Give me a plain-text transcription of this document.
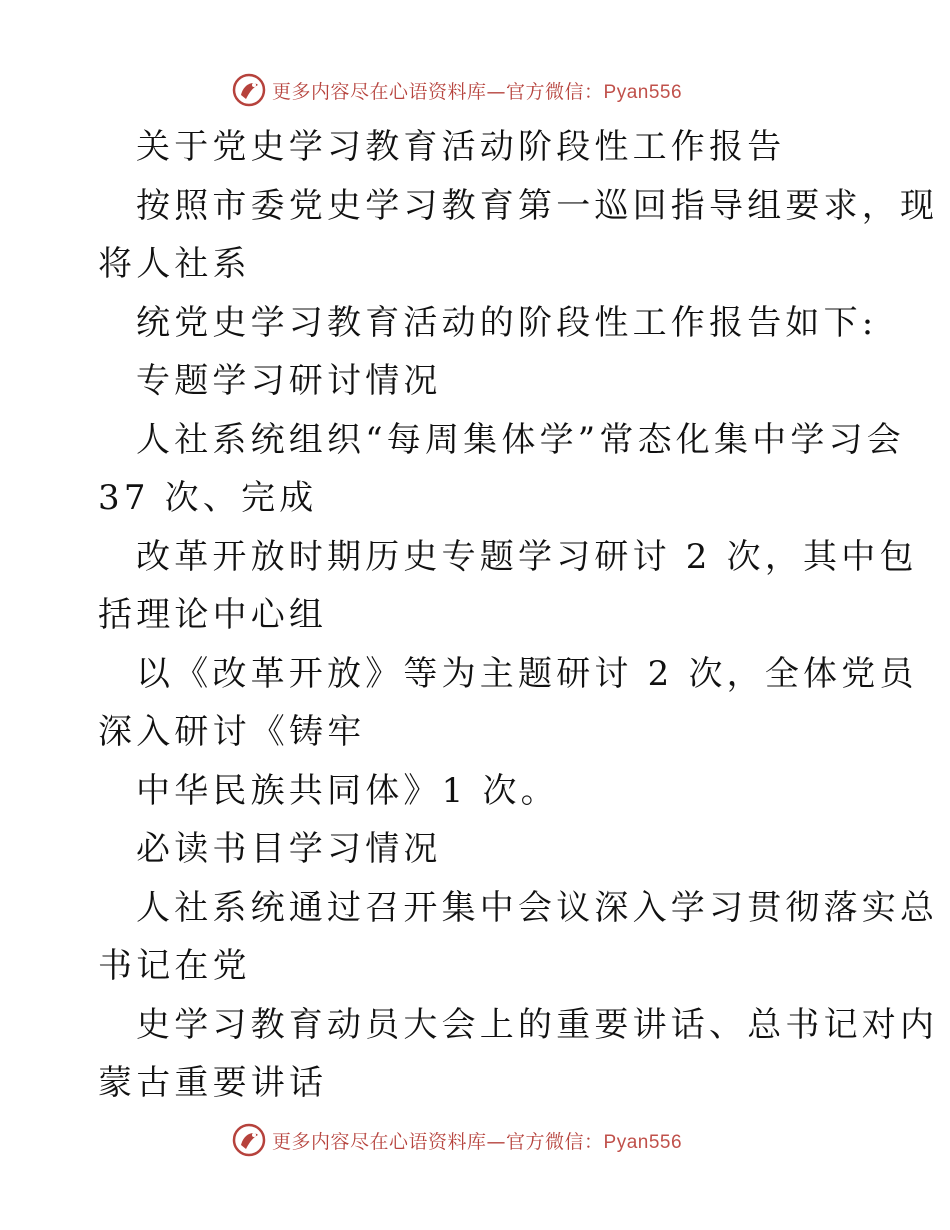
更多内容尽在心语资料库—官方微信：Pyan556
关于党史学习教育活动阶段性工作报告
按照市委党史学习教育第一巡回指导组要求，现
将人社系
统党史学习教育活动的阶段性工作报告如下:
专题学习研讨情况
人社系统组织“每周集体学”常态化集中学习会
37 次、完成
改革开放时期历史专题学习研讨 2 次，其中包
括理论中心组
以《改革开放》等为主题研讨 2 次，全体党员
深入研讨《铸牢
中华民族共同体》1 次。
必读书目学习情况
人社系统通过召开集中会议深入学习贯彻落实总
书记在党
史学习教育动员大会上的重要讲话、总书记对内
蒙古重要讲话
更多内容尽在心语资料库—官方微信：Pyan556
